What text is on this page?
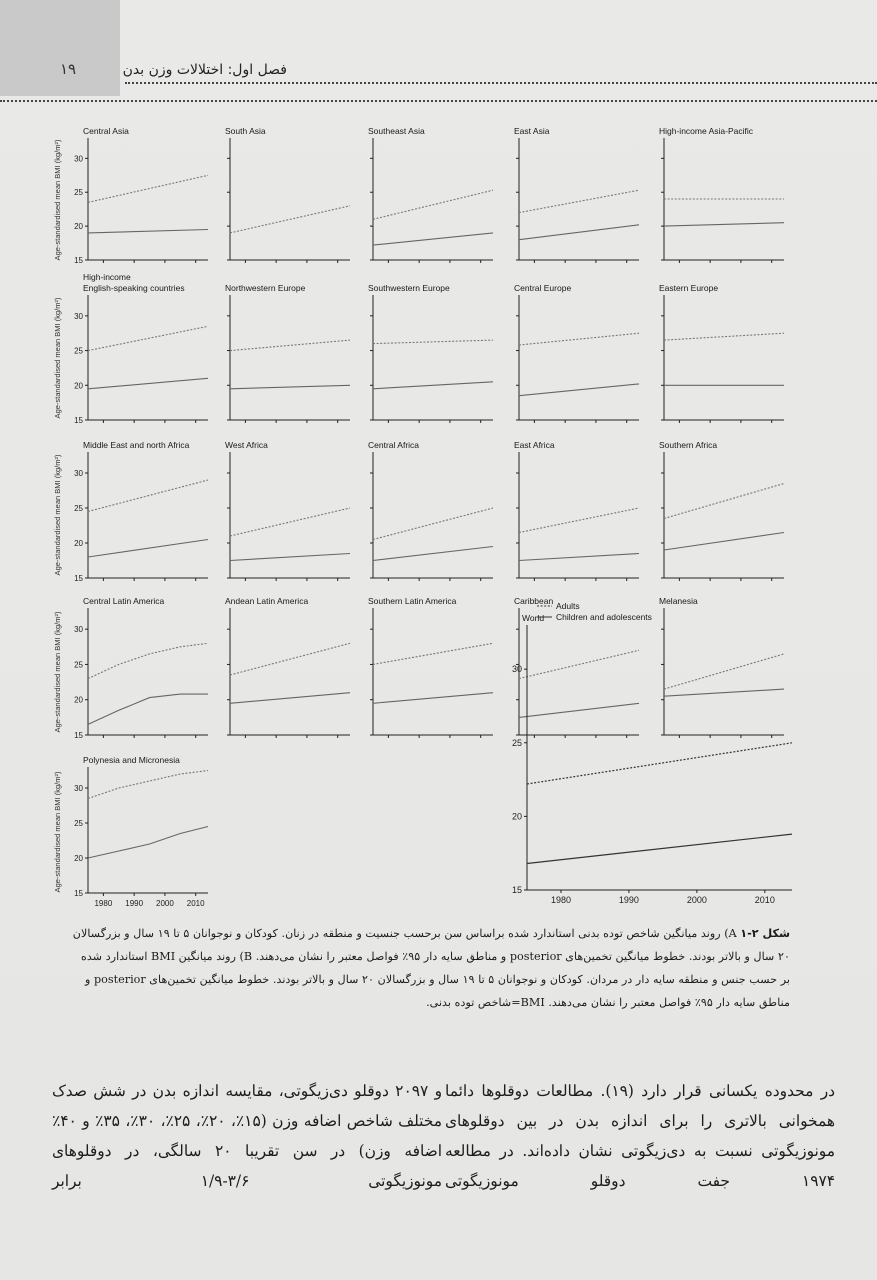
۱۹	فصل اول: اختلالات وزن بدن
15
20
25
30
Central Asia	South Asia	Southeast Asia	East Asia	High-income Asia-Pacific
15
20
25
30
High-income
English-speaking countries	Northwestern Europe	Southwestern Europe	Central Europe	Eastern Europe
15
20
25
30
Middle East and north Africa	West Africa	Central Africa	East Africa	Southern Africa
15
20
25
30
Central Latin America	Andean Latin America	Southern Latin America	Caribbean	Melanesia
15
20
25
30
1980 1990 2000 2010
Polynesia and Micronesia
15
20
25
30
1980	1990	2000	2010
World
Adults
Children and adolescents
Age-standardised mean BMI (kg/m²)
Age-standardised mean BMI (kg/m²)
Age-standardised mean BMI (kg/m²)
Age-standardised mean BMI (kg/m²)
Age-standardised mean BMI (kg/m²)
شکل ۲-۱ A) روند میانگین شاخص توده بدنی استاندارد شده براساس سن برحسب جنسیت و منطقه در زنان. کودکان و نوجوانان ۵ تا ۱۹ سال و بزرگسالان ۲۰ سال و بالاتر بودند. خطوط میانگین تخمین‌های posterior و مناطق سایه دار ۹۵٪ فواصل معتبر را نشان می‌دهند. B) روند میانگین BMI استاندارد شده بر حسب جنس و منطقه سایه دار در مردان. کودکان و نوجوانان ۵ تا ۱۹ سال و بزرگسالان ۲۰ سال و بالاتر بودند. خطوط میانگین تخمین‌های posterior و مناطق سایه دار ۹۵٪ فواصل معتبر را نشان می‌دهند. BMI=شاخص توده بدنی.

در محدوده یکسانی قرار دارد (۱۹). مطالعات دوقلوها دائما همخوانی بالاتری را برای اندازه بدن در بین دوقلوهای مونوزیگوتی نسبت به دی‌زیگوتی نشان داده‌اند. در مطالعه ۱۹۷۴ جفت دوقلو مونوزیگوتی

و ۲۰۹۷ دوقلو دی‌زیگوتی، مقایسه اندازه بدن در شش صدک مختلف شاخص اضافه وزن (۱۵٪، ۲۰٪، ۲۵٪، ۳۰٪، ۳۵٪ و ۴۰٪ اضافه وزن) در سن تقریبا ۲۰ سالگی، در دوقلوهای مونوزیگوتی ۳/۶-۱/۹ برابر
